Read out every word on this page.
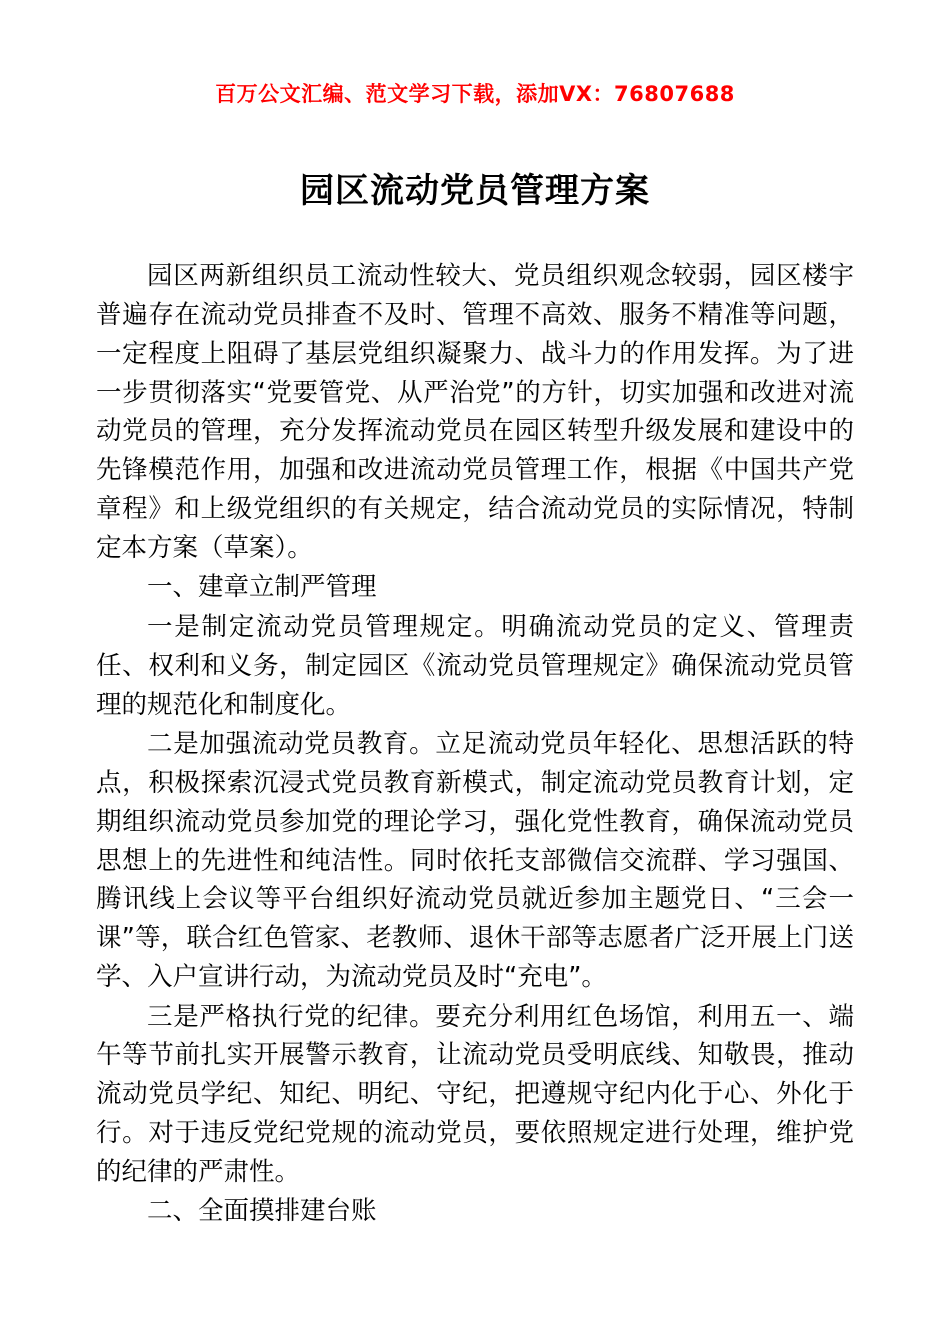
百万公文汇编、范文学习下载，添加VX：76807688
园区流动党员管理方案

园区两新组织员工流动性较大、党员组织观念较弱，园区楼宇普遍存在流动党员排查不及时、管理不高效、服务不精准等问题，一定程度上阻碍了基层党组织凝聚力、战斗力的作用发挥。为了进一步贯彻落实“党要管党、从严治党”的方针，切实加强和改进对流动党员的管理，充分发挥流动党员在园区转型升级发展和建设中的先锋模范作用，加强和改进流动党员管理工作，根据《中国共产党章程》和上级党组织的有关规定，结合流动党员的实际情况，特制定本方案（草案）。

一、建章立制严管理

一是制定流动党员管理规定。明确流动党员的定义、管理责任、权利和义务，制定园区《流动党员管理规定》确保流动党员管理的规范化和制度化。

二是加强流动党员教育。立足流动党员年轻化、思想活跃的特点，积极探索沉浸式党员教育新模式，制定流动党员教育计划，定期组织流动党员参加党的理论学习，强化党性教育，确保流动党员思想上的先进性和纯洁性。同时依托支部微信交流群、学习强国、腾讯线上会议等平台组织好流动党员就近参加主题党日、“三会一课”等，联合红色管家、老教师、退休干部等志愿者广泛开展上门送学、入户宣讲行动，为流动党员及时“充电”。

三是严格执行党的纪律。要充分利用红色场馆，利用五一、端午等节前扎实开展警示教育，让流动党员受明底线、知敬畏，推动流动党员学纪、知纪、明纪、守纪，把遵规守纪内化于心、外化于行。对于违反党纪党规的流动党员，要依照规定进行处理，维护党的纪律的严肃性。

二、全面摸排建台账
